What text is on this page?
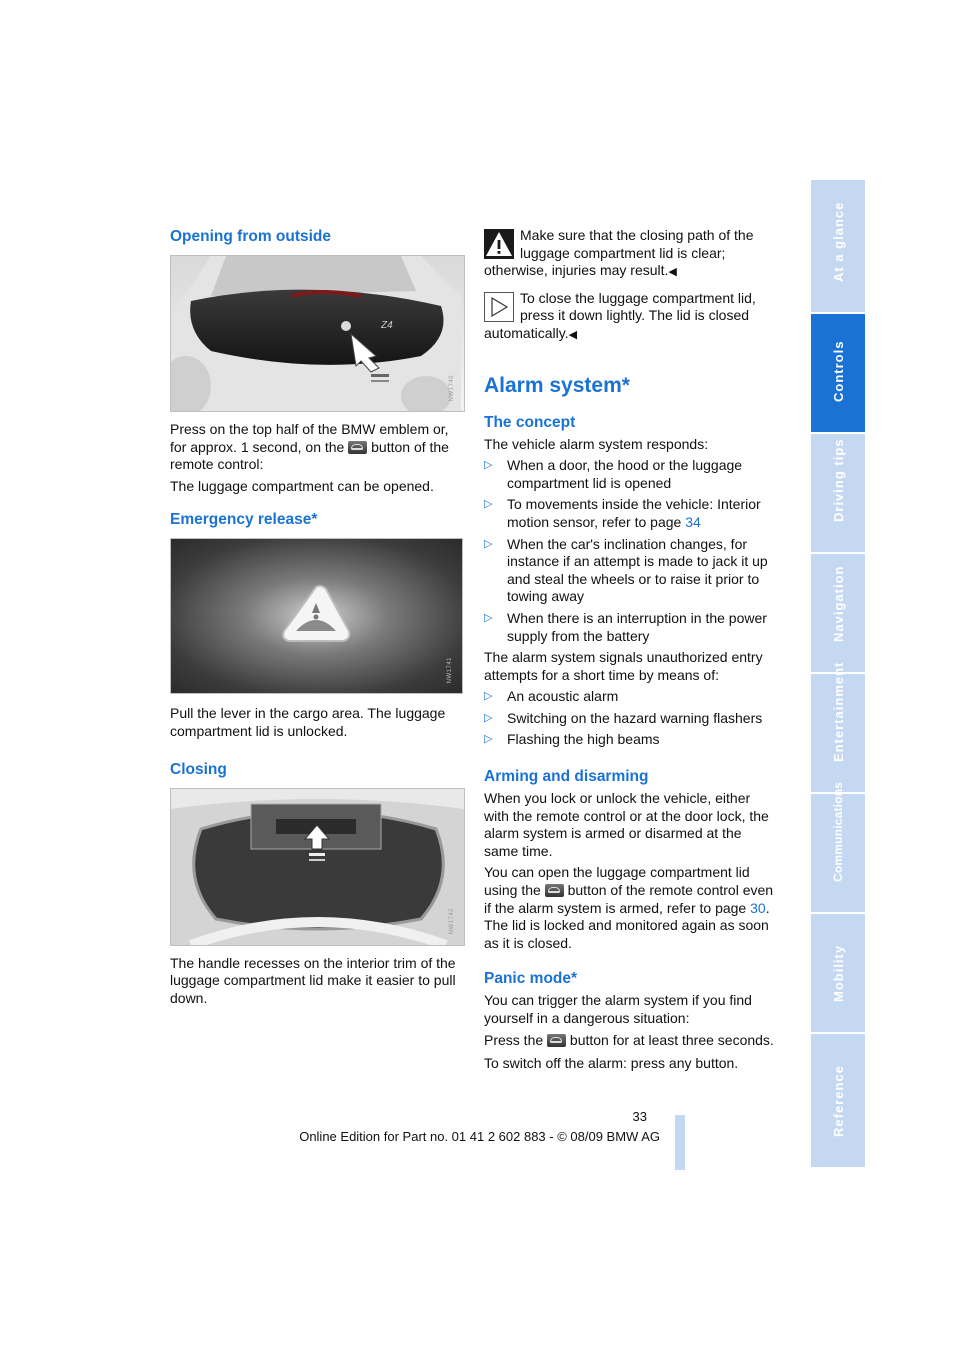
Opening from outside
Z4
NW1740

Press on the top half of the BMW emblem or, for approx. 1 second, on the button of the remote control:

The luggage compartment can be opened.

Emergency release*
NW1741

Pull the lever in the cargo area. The luggage compartment lid is unlocked.

Closing
NW1742

The handle recesses on the interior trim of the luggage compartment lid make it easier to pull down.

Make sure that the closing path of the luggage compartment lid is clear; otherwise, injuries may result.◀
To close the luggage compartment lid, press it down lightly. The lid is closed automatically.◀
Alarm system*
The concept

The vehicle alarm system responds:

▷ When a door, the hood or the luggage compartment lid is opened
▷ To movements inside the vehicle: Interior motion sensor, refer to page 34
▷ When the car's inclination changes, for instance if an attempt is made to jack it up and steal the wheels or to raise it prior to towing away
▷ When there is an interruption in the power supply from the battery

The alarm system signals unauthorized entry attempts for a short time by means of:

▷ An acoustic alarm
▷ Switching on the hazard warning flashers
▷ Flashing the high beams
Arming and disarming

When you lock or unlock the vehicle, either with the remote control or at the door lock, the alarm system is armed or disarmed at the same time.

You can open the luggage compartment lid using the button of the remote control even if the alarm system is armed, refer to page 30. The lid is locked and monitored again as soon as it is closed.

Panic mode*

You can trigger the alarm system if you find yourself in a dangerous situation:

Press the button for at least three seconds.

To switch off the alarm: press any button.

At a glance
Controls
Driving tips
Navigation
Entertainment
Communications
Mobility
Reference
33
Online Edition for Part no. 01 41 2 602 883 - © 08/09 BMW AG
